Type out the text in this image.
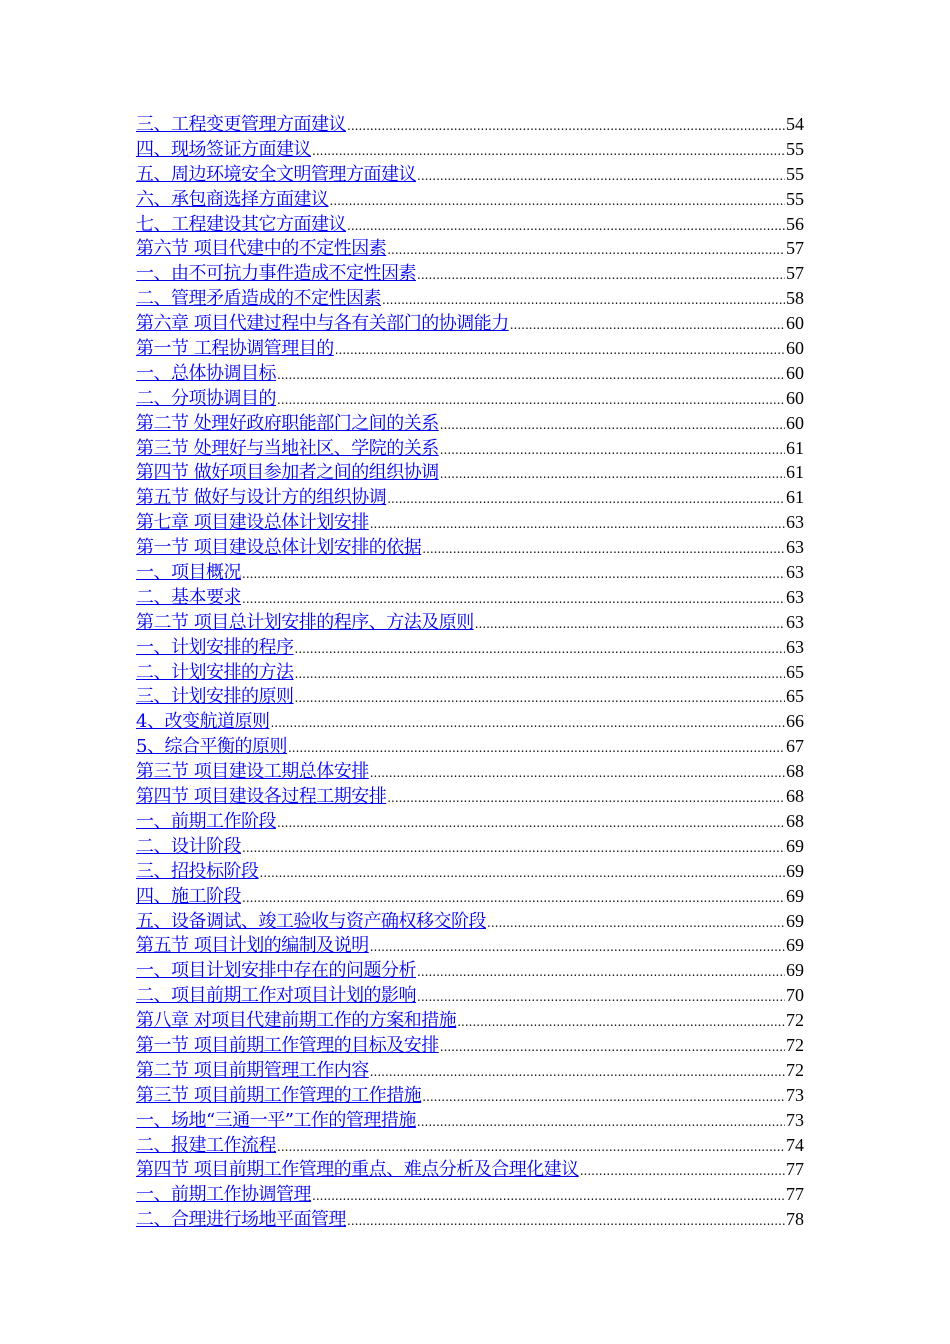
三、工程变更管理方面建议 .....	54
四、现场签证方面建议 .....	55
五、周边环境安全文明管理方面建议 .....	55
六、承包商选择方面建议 .....	55
七、工程建设其它方面建议 .....	56
第六节 项目代建中的不定性因素 .....	57
一、由不可抗力事件造成不定性因素 .....	57
二、管理矛盾造成的不定性因素 .....	58
第六章 项目代建过程中与各有关部门的协调能力 .....	60
第一节 工程协调管理目的 .....	60
一、总体协调目标 .....	60
二、分项协调目的 .....	60
第二节 处理好政府职能部门之间的关系 .....	60
第三节 处理好与当地社区、学院的关系 .....	61
第四节 做好项目参加者之间的组织协调 .....	61
第五节 做好与设计方的组织协调 .....	61
第七章 项目建设总体计划安排 .....	63
第一节 项目建设总体计划安排的依据 .....	63
一、项目概况 .....	63
二、基本要求 .....	63
第二节 项目总计划安排的程序、方法及原则 .....	63
一、计划安排的程序 .....	63
二、计划安排的方法 .....	65
三、计划安排的原则 .....	65
4、改变航道原则 .....	66
5、综合平衡的原则 .....	67
第三节 项目建设工期总体安排 .....	68
第四节 项目建设各过程工期安排 .....	68
一、前期工作阶段 .....	68
二、设计阶段 .....	69
三、招投标阶段 .....	69
四、施工阶段 .....	69
五、设备调试、竣工验收与资产确权移交阶段 .....	69
第五节 项目计划的编制及说明 .....	69
一、项目计划安排中存在的问题分析 .....	69
二、项目前期工作对项目计划的影响 .....	70
第八章 对项目代建前期工作的方案和措施 .....	72
第一节 项目前期工作管理的目标及安排 .....	72
第二节 项目前期管理工作内容 .....	72
第三节 项目前期工作管理的工作措施 .....	73
一、场地“三通一平”工作的管理措施 .....	73
二、报建工作流程 .....	74
第四节 项目前期工作管理的重点、难点分析及合理化建议 .....	77
一、前期工作协调管理 .....	77
二、合理进行场地平面管理 .....	78
